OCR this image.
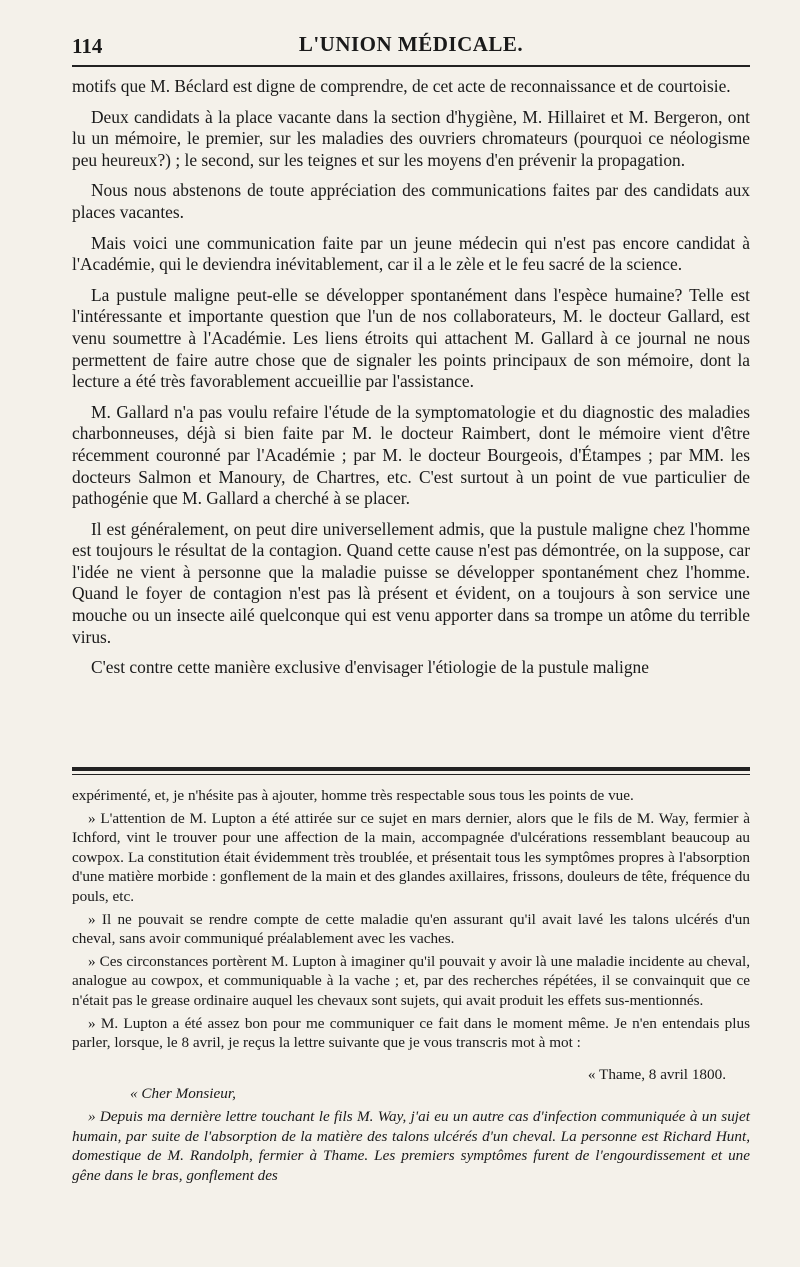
114	L'UNION MÉDICALE.

motifs que M. Béclard est digne de comprendre, de cet acte de reconnaissance et de courtoisie.

Deux candidats à la place vacante dans la section d'hygiène, M. Hillairet et M. Bergeron, ont lu un mémoire, le premier, sur les maladies des ouvriers chromateurs (pourquoi ce néologisme peu heureux?) ; le second, sur les teignes et sur les moyens d'en prévenir la propagation.

Nous nous abstenons de toute appréciation des communications faites par des candidats aux places vacantes.

Mais voici une communication faite par un jeune médecin qui n'est pas encore candidat à l'Académie, qui le deviendra inévitablement, car il a le zèle et le feu sacré de la science.

La pustule maligne peut-elle se développer spontanément dans l'espèce humaine? Telle est l'intéressante et importante question que l'un de nos collaborateurs, M. le docteur Gallard, est venu soumettre à l'Académie. Les liens étroits qui attachent M. Gallard à ce journal ne nous permettent de faire autre chose que de signaler les points principaux de son mémoire, dont la lecture a été très favorablement accueillie par l'assistance.

M. Gallard n'a pas voulu refaire l'étude de la symptomatologie et du diagnostic des maladies charbonneuses, déjà si bien faite par M. le docteur Raimbert, dont le mémoire vient d'être récemment couronné par l'Académie ; par M. le docteur Bourgeois, d'Étampes ; par MM. les docteurs Salmon et Manoury, de Chartres, etc. C'est surtout à un point de vue particulier de pathogénie que M. Gallard a cherché à se placer.

Il est généralement, on peut dire universellement admis, que la pustule maligne chez l'homme est toujours le résultat de la contagion. Quand cette cause n'est pas démontrée, on la suppose, car l'idée ne vient à personne que la maladie puisse se développer spontanément chez l'homme. Quand le foyer de contagion n'est pas là présent et évident, on a toujours à son service une mouche ou un insecte ailé quelconque qui est venu apporter dans sa trompe un atôme du terrible virus.

C'est contre cette manière exclusive d'envisager l'étiologie de la pustule maligne

expérimenté, et, je n'hésite pas à ajouter, homme très respectable sous tous les points de vue.

» L'attention de M. Lupton a été attirée sur ce sujet en mars dernier, alors que le fils de M. Way, fermier à Ichford, vint le trouver pour une affection de la main, accompagnée d'ulcérations ressemblant beaucoup au cowpox. La constitution était évidemment très troublée, et présentait tous les symptômes propres à l'absorption d'une matière morbide : gonflement de la main et des glandes axillaires, frissons, douleurs de tête, fréquence du pouls, etc.

» Il ne pouvait se rendre compte de cette maladie qu'en assurant qu'il avait lavé les talons ulcérés d'un cheval, sans avoir communiqué préalablement avec les vaches.

» Ces circonstances portèrent M. Lupton à imaginer qu'il pouvait y avoir là une maladie incidente au cheval, analogue au cowpox, et communiquable à la vache ; et, par des recherches répétées, il se convainquit que ce n'était pas le grease ordinaire auquel les chevaux sont sujets, qui avait produit les effets sus-mentionnés.

» M. Lupton a été assez bon pour me communiquer ce fait dans le moment même. Je n'en entendais plus parler, lorsque, le 8 avril, je reçus la lettre suivante que je vous transcris mot à mot :

« Thame, 8 avril 1800.

« Cher Monsieur,

» Depuis ma dernière lettre touchant le fils M. Way, j'ai eu un autre cas d'infection communiquée à un sujet humain, par suite de l'absorption de la matière des talons ulcérés d'un cheval. La personne est Richard Hunt, domestique de M. Randolph, fermier à Thame. Les premiers symptômes furent de l'engourdissement et une gêne dans le bras, gonflement des
